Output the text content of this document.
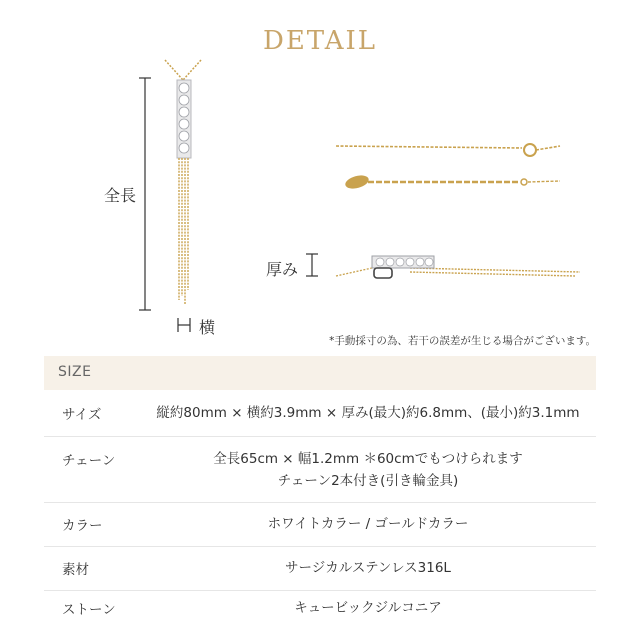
DETAIL
全長
横
厚み
*手動採寸の為、若干の誤差が生じる場合がございます。
SIZE
サイズ	縦約80mm × 横約3.9mm × 厚み(最大)約6.8mm、(最小)約3.1mm
チェーン	全長65cm × 幅1.2mm ＊60cmでもつけられます
チェーン2本付き(引き輪金具)
カラー	ホワイトカラー / ゴールドカラー
素材	サージカルステンレス316L
ストーン	キュービックジルコニア
